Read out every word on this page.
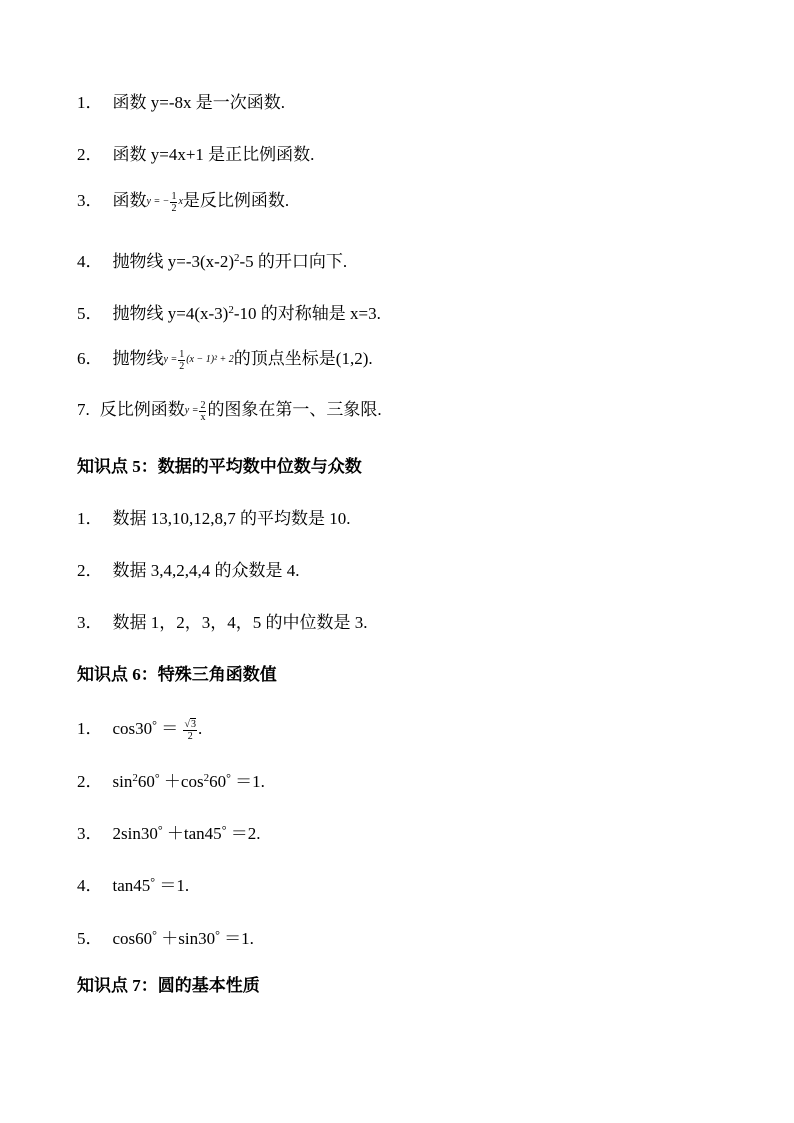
1． 函数 y=-8x 是一次函数.
2． 函数 y=4x+1 是正比例函数.
3． 函数y = − $\frac{1}{2}$ x是反比例函数.
4． 抛物线 $y=-3(x-2)^2-5$ 的开口向下.
5． 抛物线 $y=4(x-3)^2-10$ 的对称轴是 x=3.
6． 抛物线$y = \frac{1}{2} (x - 1)^2 + 2$的顶点坐标是(1,2).
7. 反比例函数$y = \frac{2}{x}$ 的图象在第一、三象限.
知识点 5：数据的平均数中位数与众数
1． 数据 13,10,12,8,7 的平均数是 10.
2． 数据 3,4,2,4,4 的众数是 4.
3． 数据 1，2，3，4，5 的中位数是 3.
知识点 6：特殊三角函数值
1． $\cos 30^\circ = \frac{√3}{2}$ .
2． $\sin^260^\circ +\cos^260^\circ =1$.
3． 2sin30° ＋tan45° ＝2.
4． tan45° ＝1.
5． cos60° ＋sin30° ＝1.
知识点 7：圆的基本性质
